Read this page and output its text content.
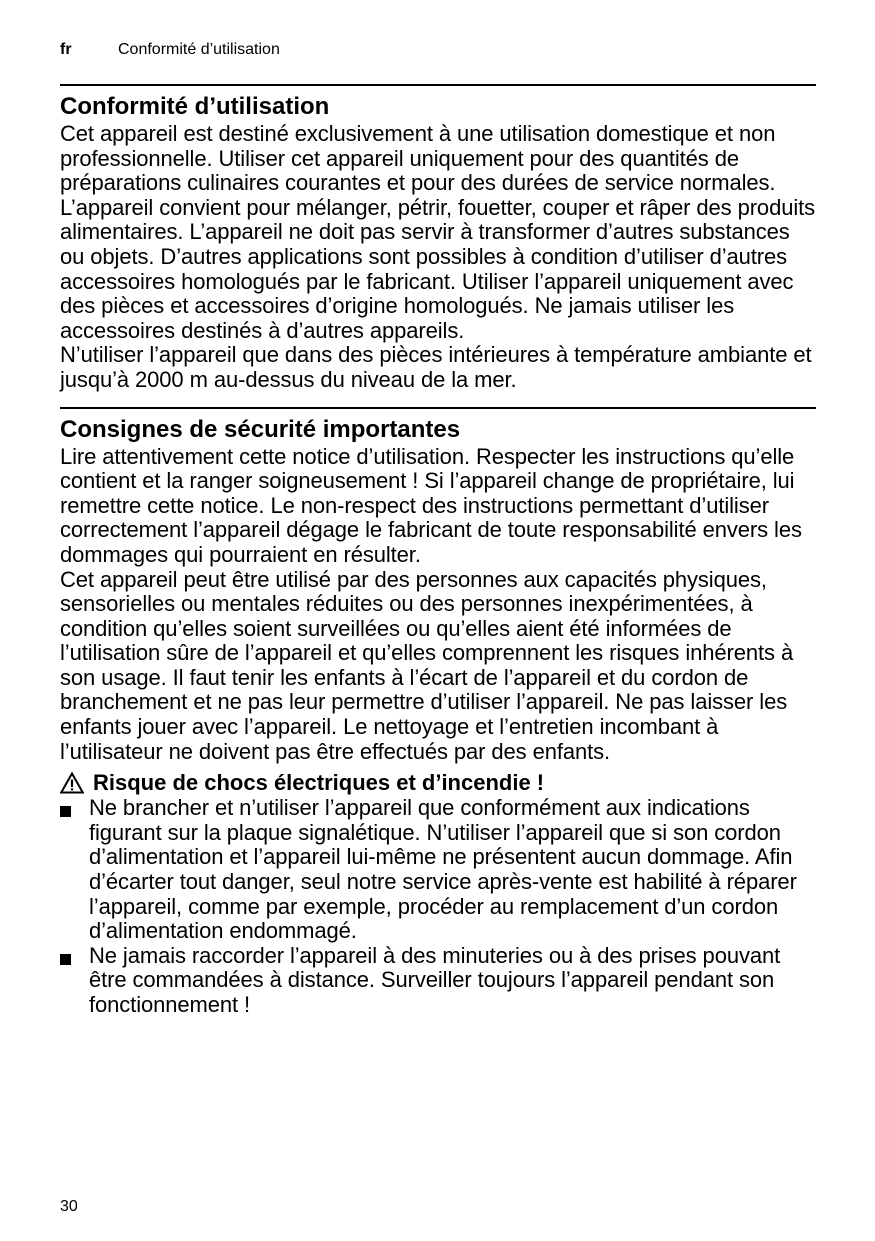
fr	Conformité d’utilisation
Conformité d’utilisation

Cet appareil est destiné exclusivement à une utilisation domestique et non professionnelle. Utiliser cet appareil uniquement pour des quantités de préparations culinaires courantes et pour des durées de service normales.

L’appareil convient pour mélanger, pétrir, fouetter, couper et râper des produits alimentaires. L’appareil ne doit pas servir à transformer d’autres substances ou objets. D’autres applications sont possibles à condition d’utiliser d’autres accessoires homologués par le fabricant. Utiliser l’appareil uniquement avec des pièces et accessoires d’origine homologués. Ne jamais utiliser les accessoires destinés à d’autres appareils.

N’utiliser l’appareil que dans des pièces intérieures à température ambiante et jusqu’à 2000 m au-dessus du niveau de la mer.

Consignes de sécurité importantes

Lire attentivement cette notice d’utilisation. Respecter les instructions qu’elle contient et la ranger soigneusement ! Si l’appareil change de propriétaire, lui remettre cette notice. Le non-respect des instructions permettant d’utiliser correctement l’appareil dégage le fabricant de toute responsabilité envers les dommages qui pourraient en résulter.

Cet appareil peut être utilisé par des personnes aux capacités physiques, sensorielles ou mentales réduites ou des personnes inexpérimentées, à condition qu’elles soient surveillées ou qu’elles aient été informées de l’utilisation sûre de l’appareil et qu’elles comprennent les risques inhérents à son usage. Il faut tenir les enfants à l’écart de l’appareil et du cordon de branchement et ne pas leur permettre d’utiliser l’appareil. Ne pas laisser les enfants jouer avec l’appareil. Le nettoyage et l’entretien incombant à l’utilisateur ne doivent pas être effectués par des enfants.

Risque de chocs électriques et d’incendie !
Ne brancher et n’utiliser l’appareil que conformément aux indications figurant sur la plaque signalétique. N’utiliser l’appareil que si son cordon d’alimentation et l’appareil lui-même ne présentent aucun dommage. Afin d’écarter tout danger, seul notre service après-vente est habilité à réparer l’appareil, comme par exemple, procéder au remplacement d’un cordon d’alimentation endommagé.
Ne jamais raccorder l’appareil à des minuteries ou à des prises pouvant être commandées à distance. Surveiller toujours l’appareil pendant son fonctionnement !
30
